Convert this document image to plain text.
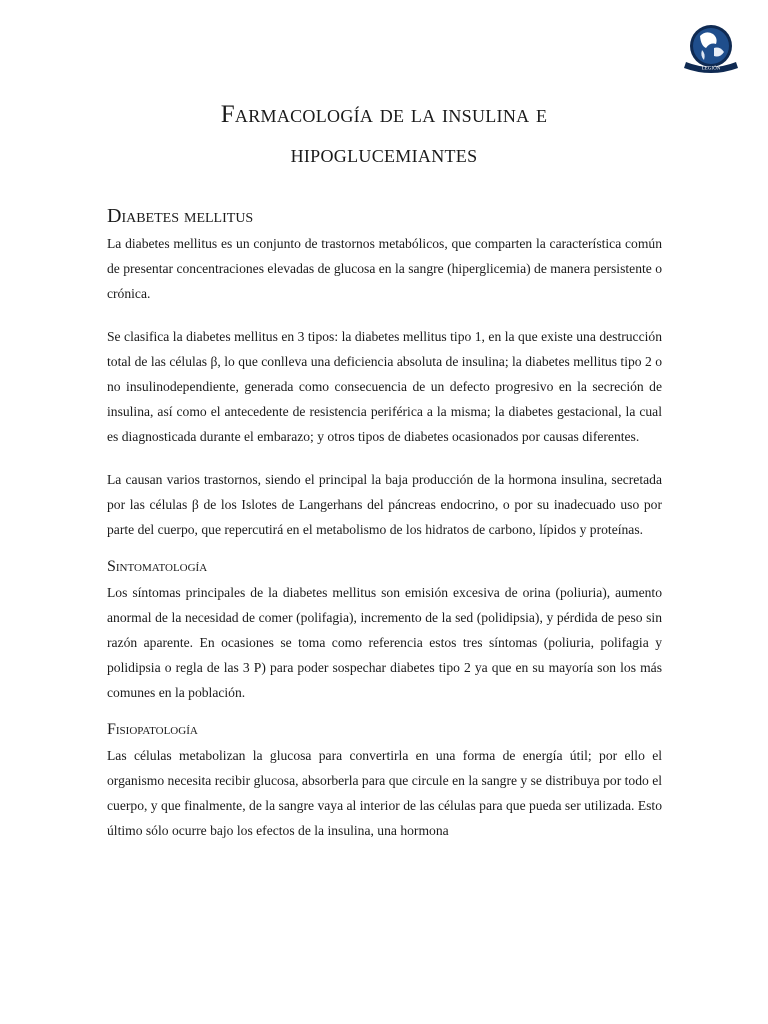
LEGIÓN
Farmacología de la insulina e
hipoglucemiantes
Diabetes mellitus

La diabetes mellitus es un conjunto de trastornos metabólicos, que comparten la característica común de presentar concentraciones elevadas de glucosa en la sangre (hiperglicemia) de manera persistente o crónica.

Se clasifica la diabetes mellitus en 3 tipos: la diabetes mellitus tipo 1, en la que existe una destrucción total de las células β, lo que conlleva una deficiencia absoluta de insulina; la diabetes mellitus tipo 2 o no insulinodependiente, generada como consecuencia de un defecto progresivo en la secreción de insulina, así como el antecedente de resistencia periférica a la misma; la diabetes gestacional, la cual es diagnosticada durante el embarazo; y otros tipos de diabetes ocasionados por causas diferentes.

La causan varios trastornos, siendo el principal la baja producción de la hormona insulina, secretada por las células β de los Islotes de Langerhans del páncreas endocrino, o por su inadecuado uso por parte del cuerpo, que repercutirá en el metabolismo de los hidratos de carbono, lípidos y proteínas.

Sintomatología

Los síntomas principales de la diabetes mellitus son emisión excesiva de orina (poliuria), aumento anormal de la necesidad de comer (polifagia), incremento de la sed (polidipsia), y pérdida de peso sin razón aparente. En ocasiones se toma como referencia estos tres síntomas (poliuria, polifagia y polidipsia o regla de las 3 P) para poder sospechar diabetes tipo 2 ya que en su mayoría son los más comunes en la población.

Fisiopatología

Las células metabolizan la glucosa para convertirla en una forma de energía útil; por ello el organismo necesita recibir glucosa, absorberla para que circule en la sangre y se distribuya por todo el cuerpo, y que finalmente, de la sangre vaya al interior de las células para que pueda ser utilizada. Esto último sólo ocurre bajo los efectos de la insulina, una hormona
